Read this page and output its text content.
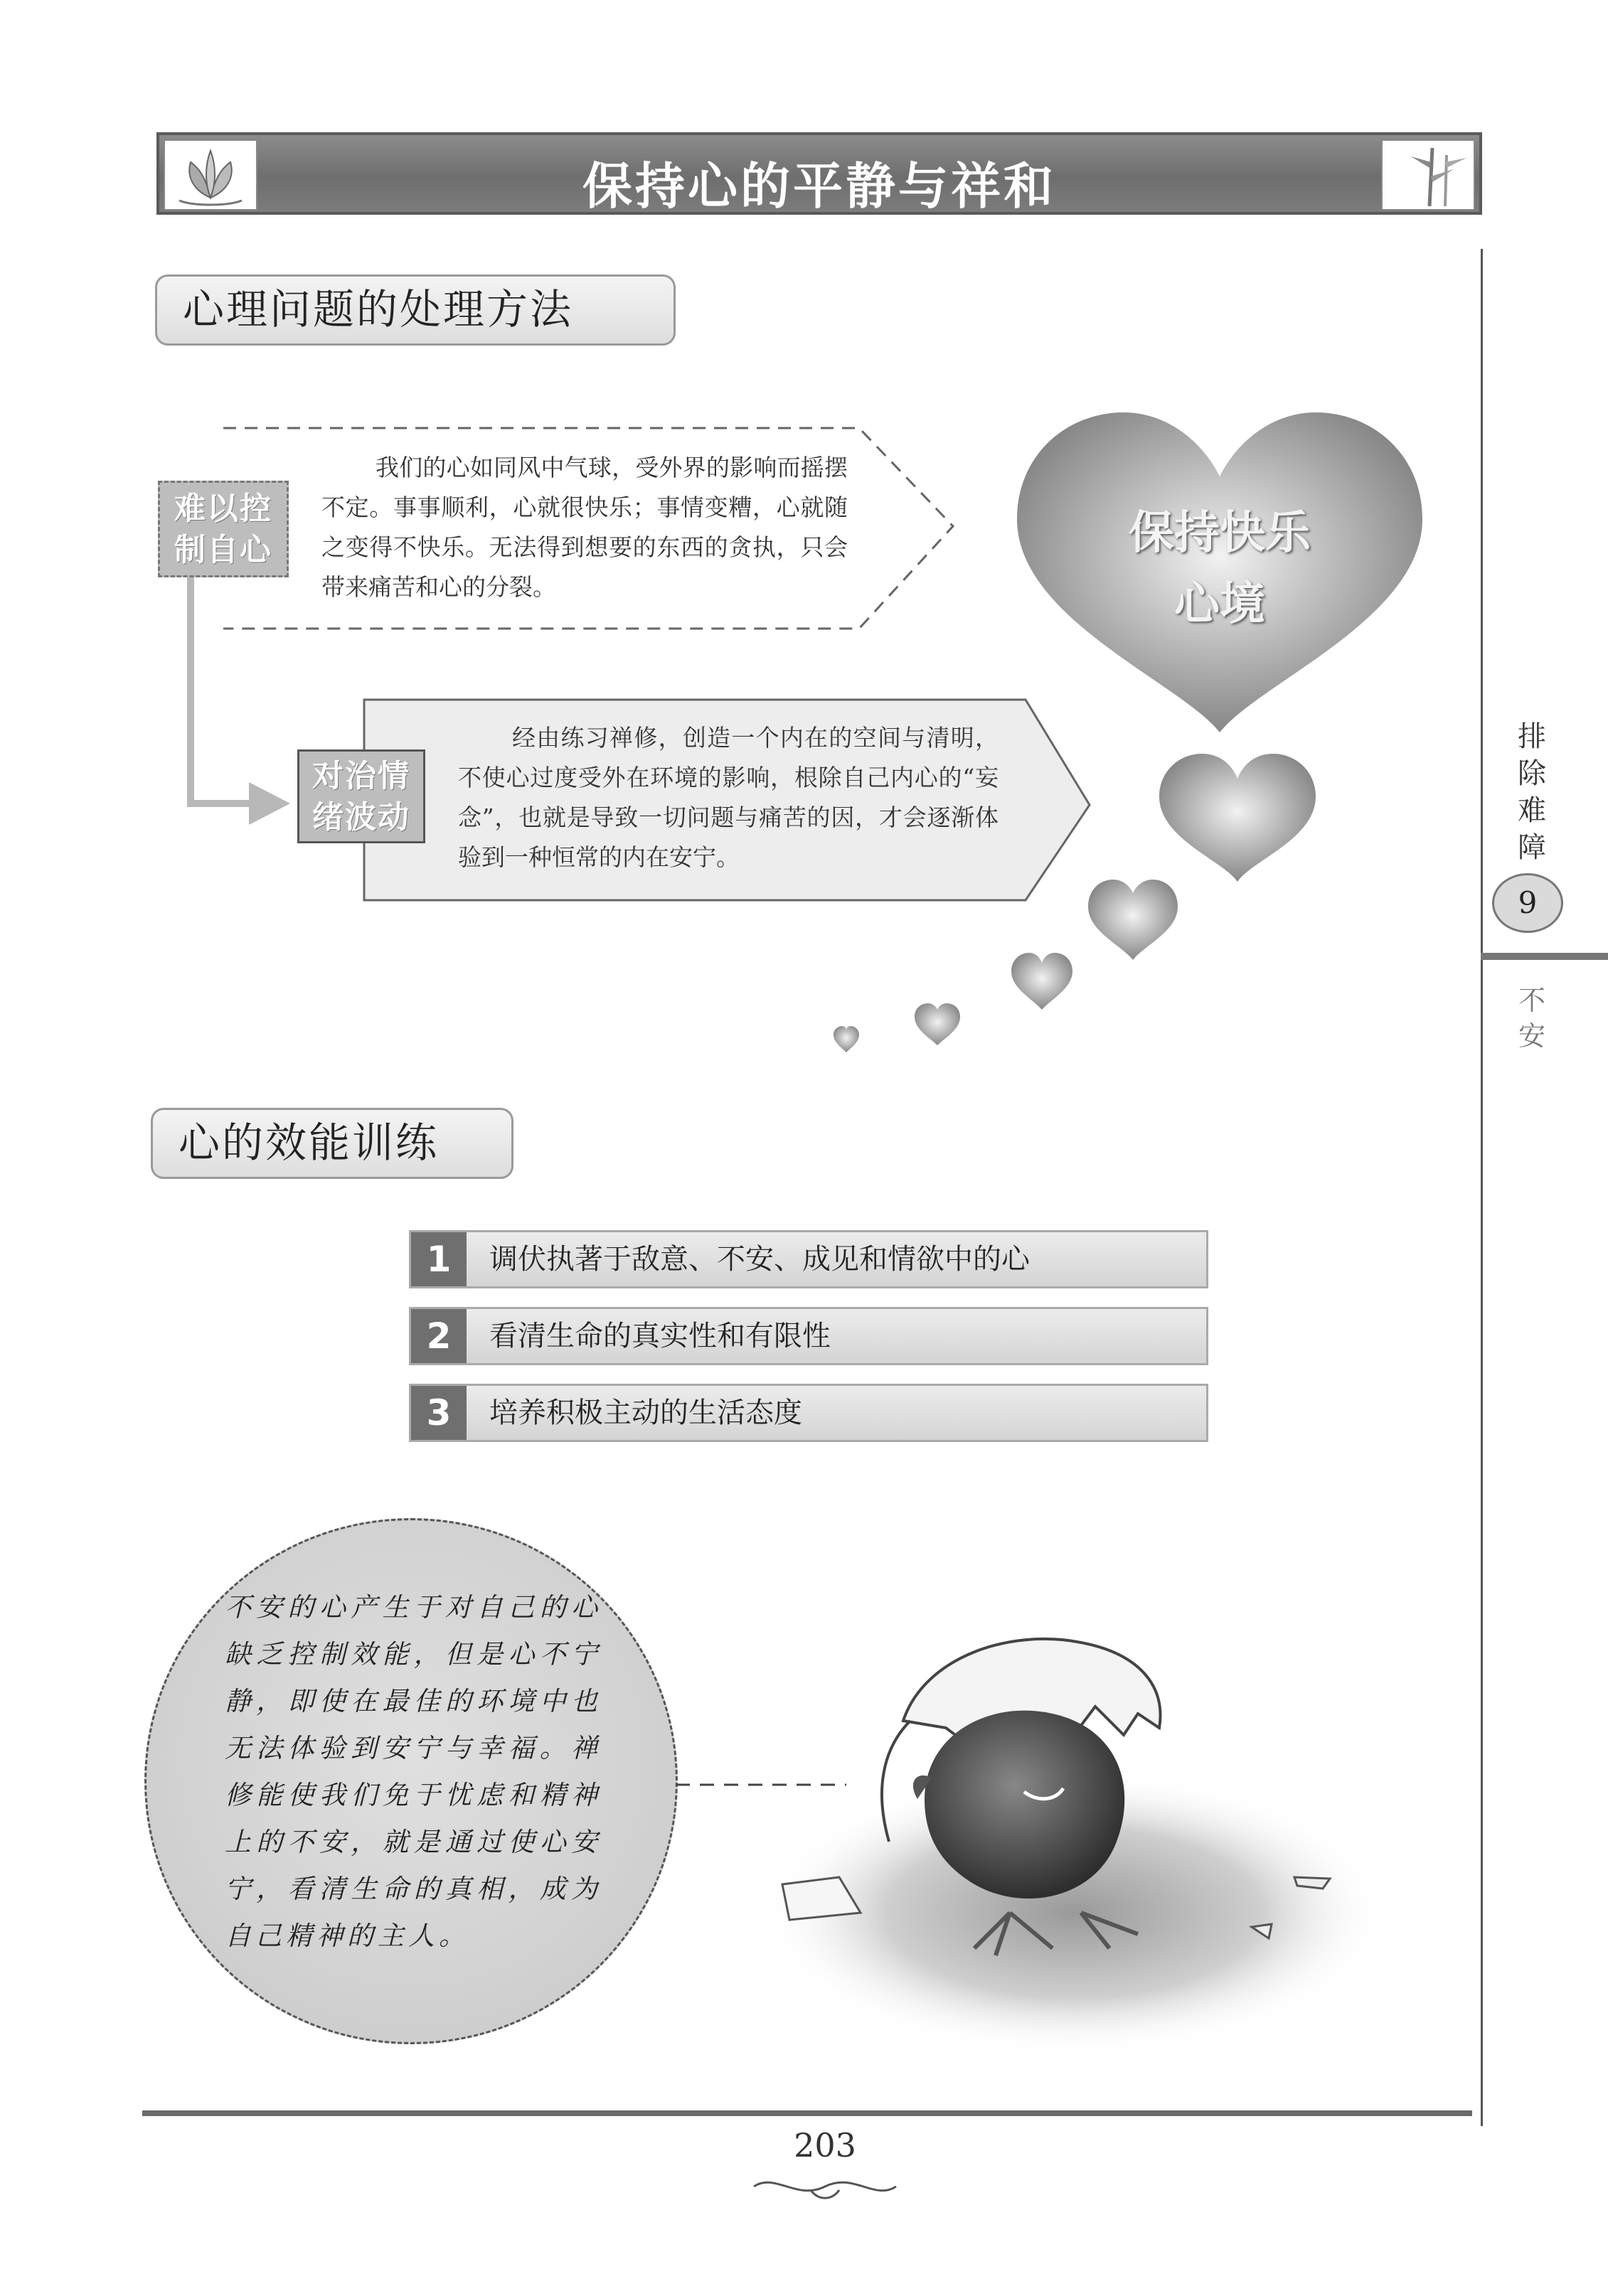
保持心的平静与祥和
心理问题的处理方法
难以控
制自心
我们的心如同风中气球，受外界的影响而摇摆不定。事事顺利，心就很快乐；事情变糟，心就随之变得不快乐。无法得到想要的东西的贪执，只会带来痛苦和心的分裂。
对治情
绪波动
经由练习禅修，创造一个内在的空间与清明，不使心过度受外在环境的影响，根除自己内心的“妄念”，也就是导致一切问题与痛苦的因，才会逐渐体验到一种恒常的内在安宁。
保持快乐
心境
心的效能训练
1	调伏执著于敌意、不安、成见和情欲中的心
2	看清生命的真实性和有限性
3	培养积极主动的生活态度
不安的心产生于对自己的心缺乏控制效能，但是心不宁静，即使在最佳的环境中也无法体验到安宁与幸福。禅修能使我们免于忧虑和精神上的不安，就是通过使心安宁，看清生命的真相，成为自己精神的主人。
排除难障
9
不安
203
